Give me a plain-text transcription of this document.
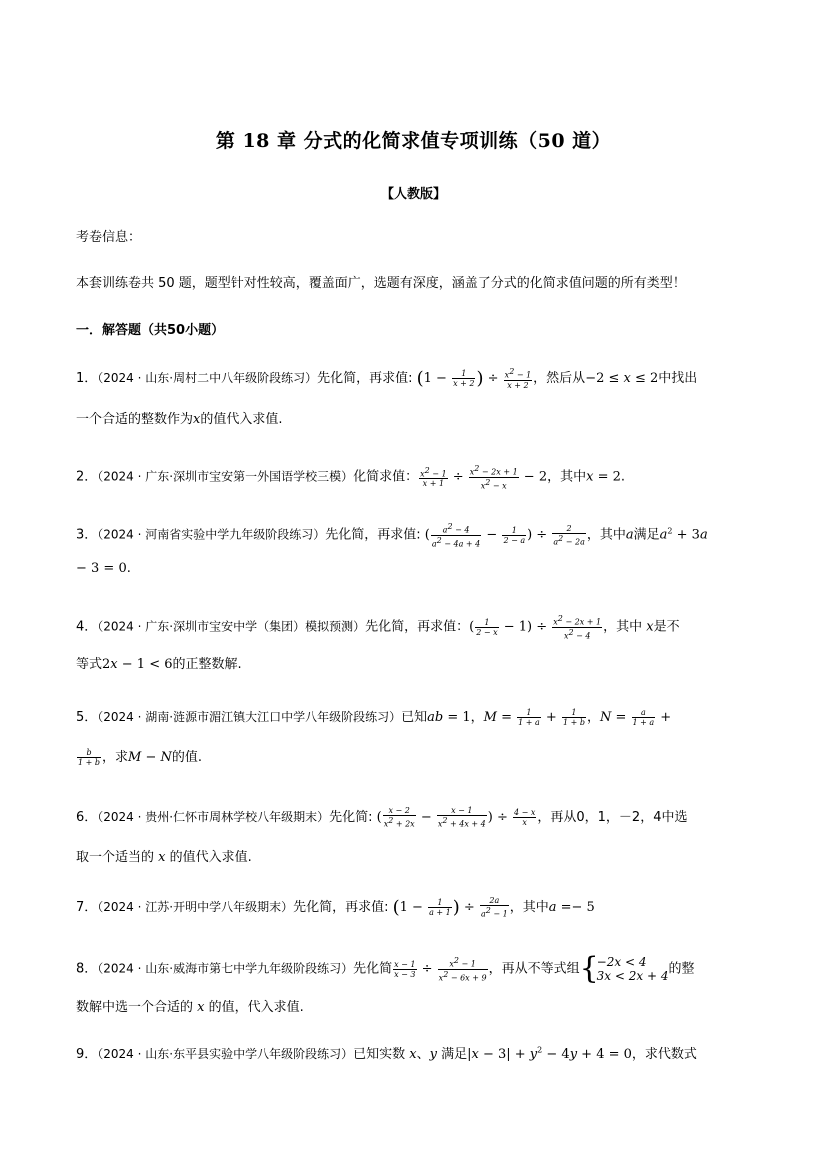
第 18 章 分式的化简求值专项训练（50 道）
【人教版】
考卷信息：
本套训练卷共 50 题，题型针对性较高，覆盖面广，选题有深度，涵盖了分式的化简求值问题的所有类型！
一．解答题（共50小题）
1．（2024 · 山东·周村二中八年级阶段练习）先化简，再求值: ($1 - \frac{1}{x + 2}$ ) ÷ $\frac{x^2 - 1}{x + 2}$ ，然后从−2 ≤ x ≤ 2中找出
一个合适的整数作为x的值代入求值.
2．（2024 · 广东·深圳市宝安第一外国语学校三模）化简求值： $\frac{x^2 - 1}{x + 1} \div \frac{x^2 - 2x + 1}{x^2 - x} - 2$，其中x = 2.
3．（2024 · 河南省实验中学九年级阶段练习）先化简，再求值: ( $\frac{a^2 - 4}{a^2 - 4a + 4} - \frac{1}{2 - a}$ ) ÷ $\frac{2}{a^2 - 2a}$ ，其中a满足$a^2 + 3a$
− 3 = 0.
4．（2024 · 广东·深圳市宝安中学（集团）模拟预测）先化简，再求值：( $\frac{1}{2 - x} - 1) \div \frac{x^2 - 2x + 1}{x^2 - 4}$ ，其中 x是不
等式2x − 1 < 6的正整数解.
5．（2024 · 湖南·涟源市湄江镇大江口中学八年级阶段练习）已知ab = 1，$M = \frac{1}{1 + a} + \frac{1}{1 + b}$ ，$N = \frac{a}{1 + a}$ +
$\frac{b}{1 + b}$ ，求M − N的值.
6．（2024 · 贵州·仁怀市周林学校八年级期末）先化简: ( $\frac{x - 2}{x^2 + 2x} - \frac{x - 1}{x^2 + 4x + 4}$ ) ÷ $\frac{4 - x}{x}$ ，再从0，1，－2，4中选
取一个适当的 x 的值代入求值.
7．（2024 · 江苏·开明中学八年级期末）先化简，再求值: ($1 - \frac{1}{a + 1}$ ) ÷ $\frac{2a}{a^2 - 1}$ ，其中a =− 5
8．（2024 · 山东·威海市第七中学九年级阶段练习）先化简 $\frac{x - 1}{x - 3} \div \frac{x^2 - 1}{x^2 - 6x + 9}$ ，再从不等式组{
−2x < 4
3x < 2x + 4 的整
数解中选一个合适的 x 的值，代入求值.
9．（2024 · 山东·东平县实验中学八年级阶段练习）已知实数 x、y 满足$|x - 3| + y^2 - 4y + 4 = 0$，求代数式
